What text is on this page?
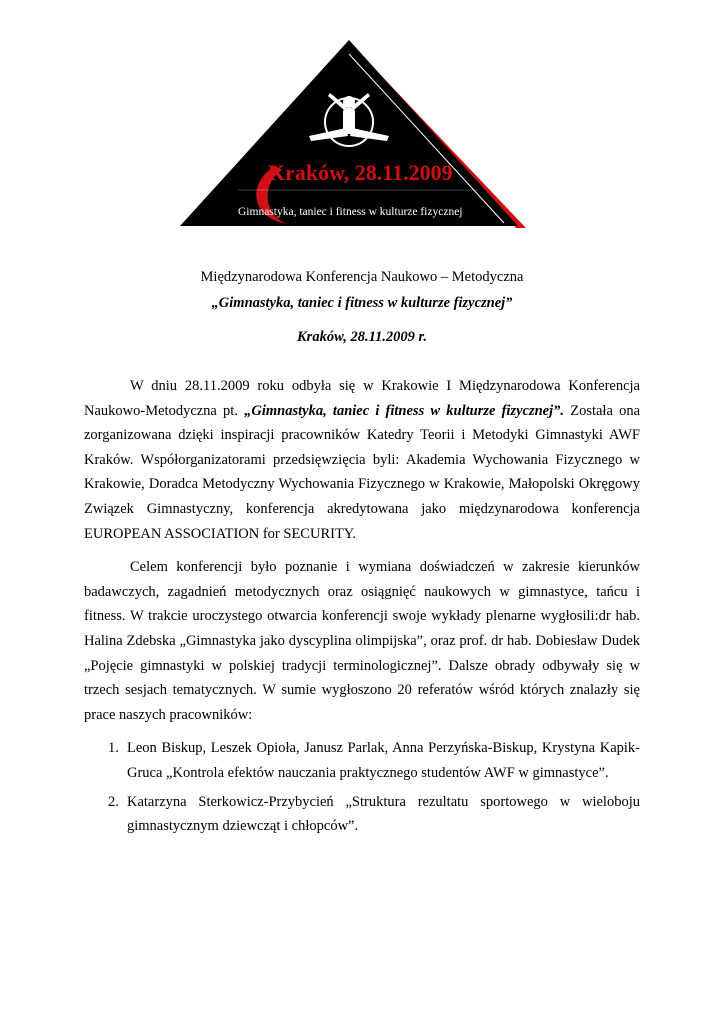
Kraków, 28.11.2009
Gimnastyka, taniec i fitness w kulturze fizycznej
Międzynarodowa Konferencja Naukowo – Metodyczna
„Gimnastyka, taniec i fitness w kulturze fizycznej”
Kraków, 28.11.2009 r.

W dniu 28.11.2009 roku odbyła się w Krakowie I Międzynarodowa Konferencja Naukowo-Metodyczna pt. „Gimnastyka, taniec i fitness w kulturze fizycznej”. Została ona zorganizowana dzięki inspiracji pracowników Katedry Teorii i Metodyki Gimnastyki AWF Kraków. Współorganizatorami przedsięwzięcia byli: Akademia Wychowania Fizycznego w Krakowie, Doradca Metodyczny Wychowania Fizycznego w Krakowie, Małopolski Okręgowy Związek Gimnastyczny, konferencja akredytowana jako międzynarodowa konferencja EUROPEAN ASSOCIATION for SECURITY.

Celem konferencji było poznanie i wymiana doświadczeń w zakresie kierunków badawczych, zagadnień metodycznych oraz osiągnięć naukowych w gimnastyce, tańcu i fitness. W trakcie uroczystego otwarcia konferencji swoje wykłady plenarne wygłosili:dr hab. Halina Zdebska „Gimnastyka jako dyscyplina olimpijska”, oraz prof. dr hab. Dobiesław Dudek „Pojęcie gimnastyki w polskiej tradycji terminologicznej”. Dalsze obrady odbywały się w trzech sesjach tematycznych. W sumie wygłoszono 20 referatów wśród których znalazły się prace naszych pracowników:

1. Leon Biskup, Leszek Opioła, Janusz Parlak, Anna Perzyńska-Biskup, Krystyna Kapik-Gruca „Kontrola efektów nauczania praktycznego studentów AWF w gimnastyce”.
2. Katarzyna Sterkowicz-Przybycień „Struktura rezultatu sportowego w wieloboju gimnastycznym dziewcząt i chłopców”.
